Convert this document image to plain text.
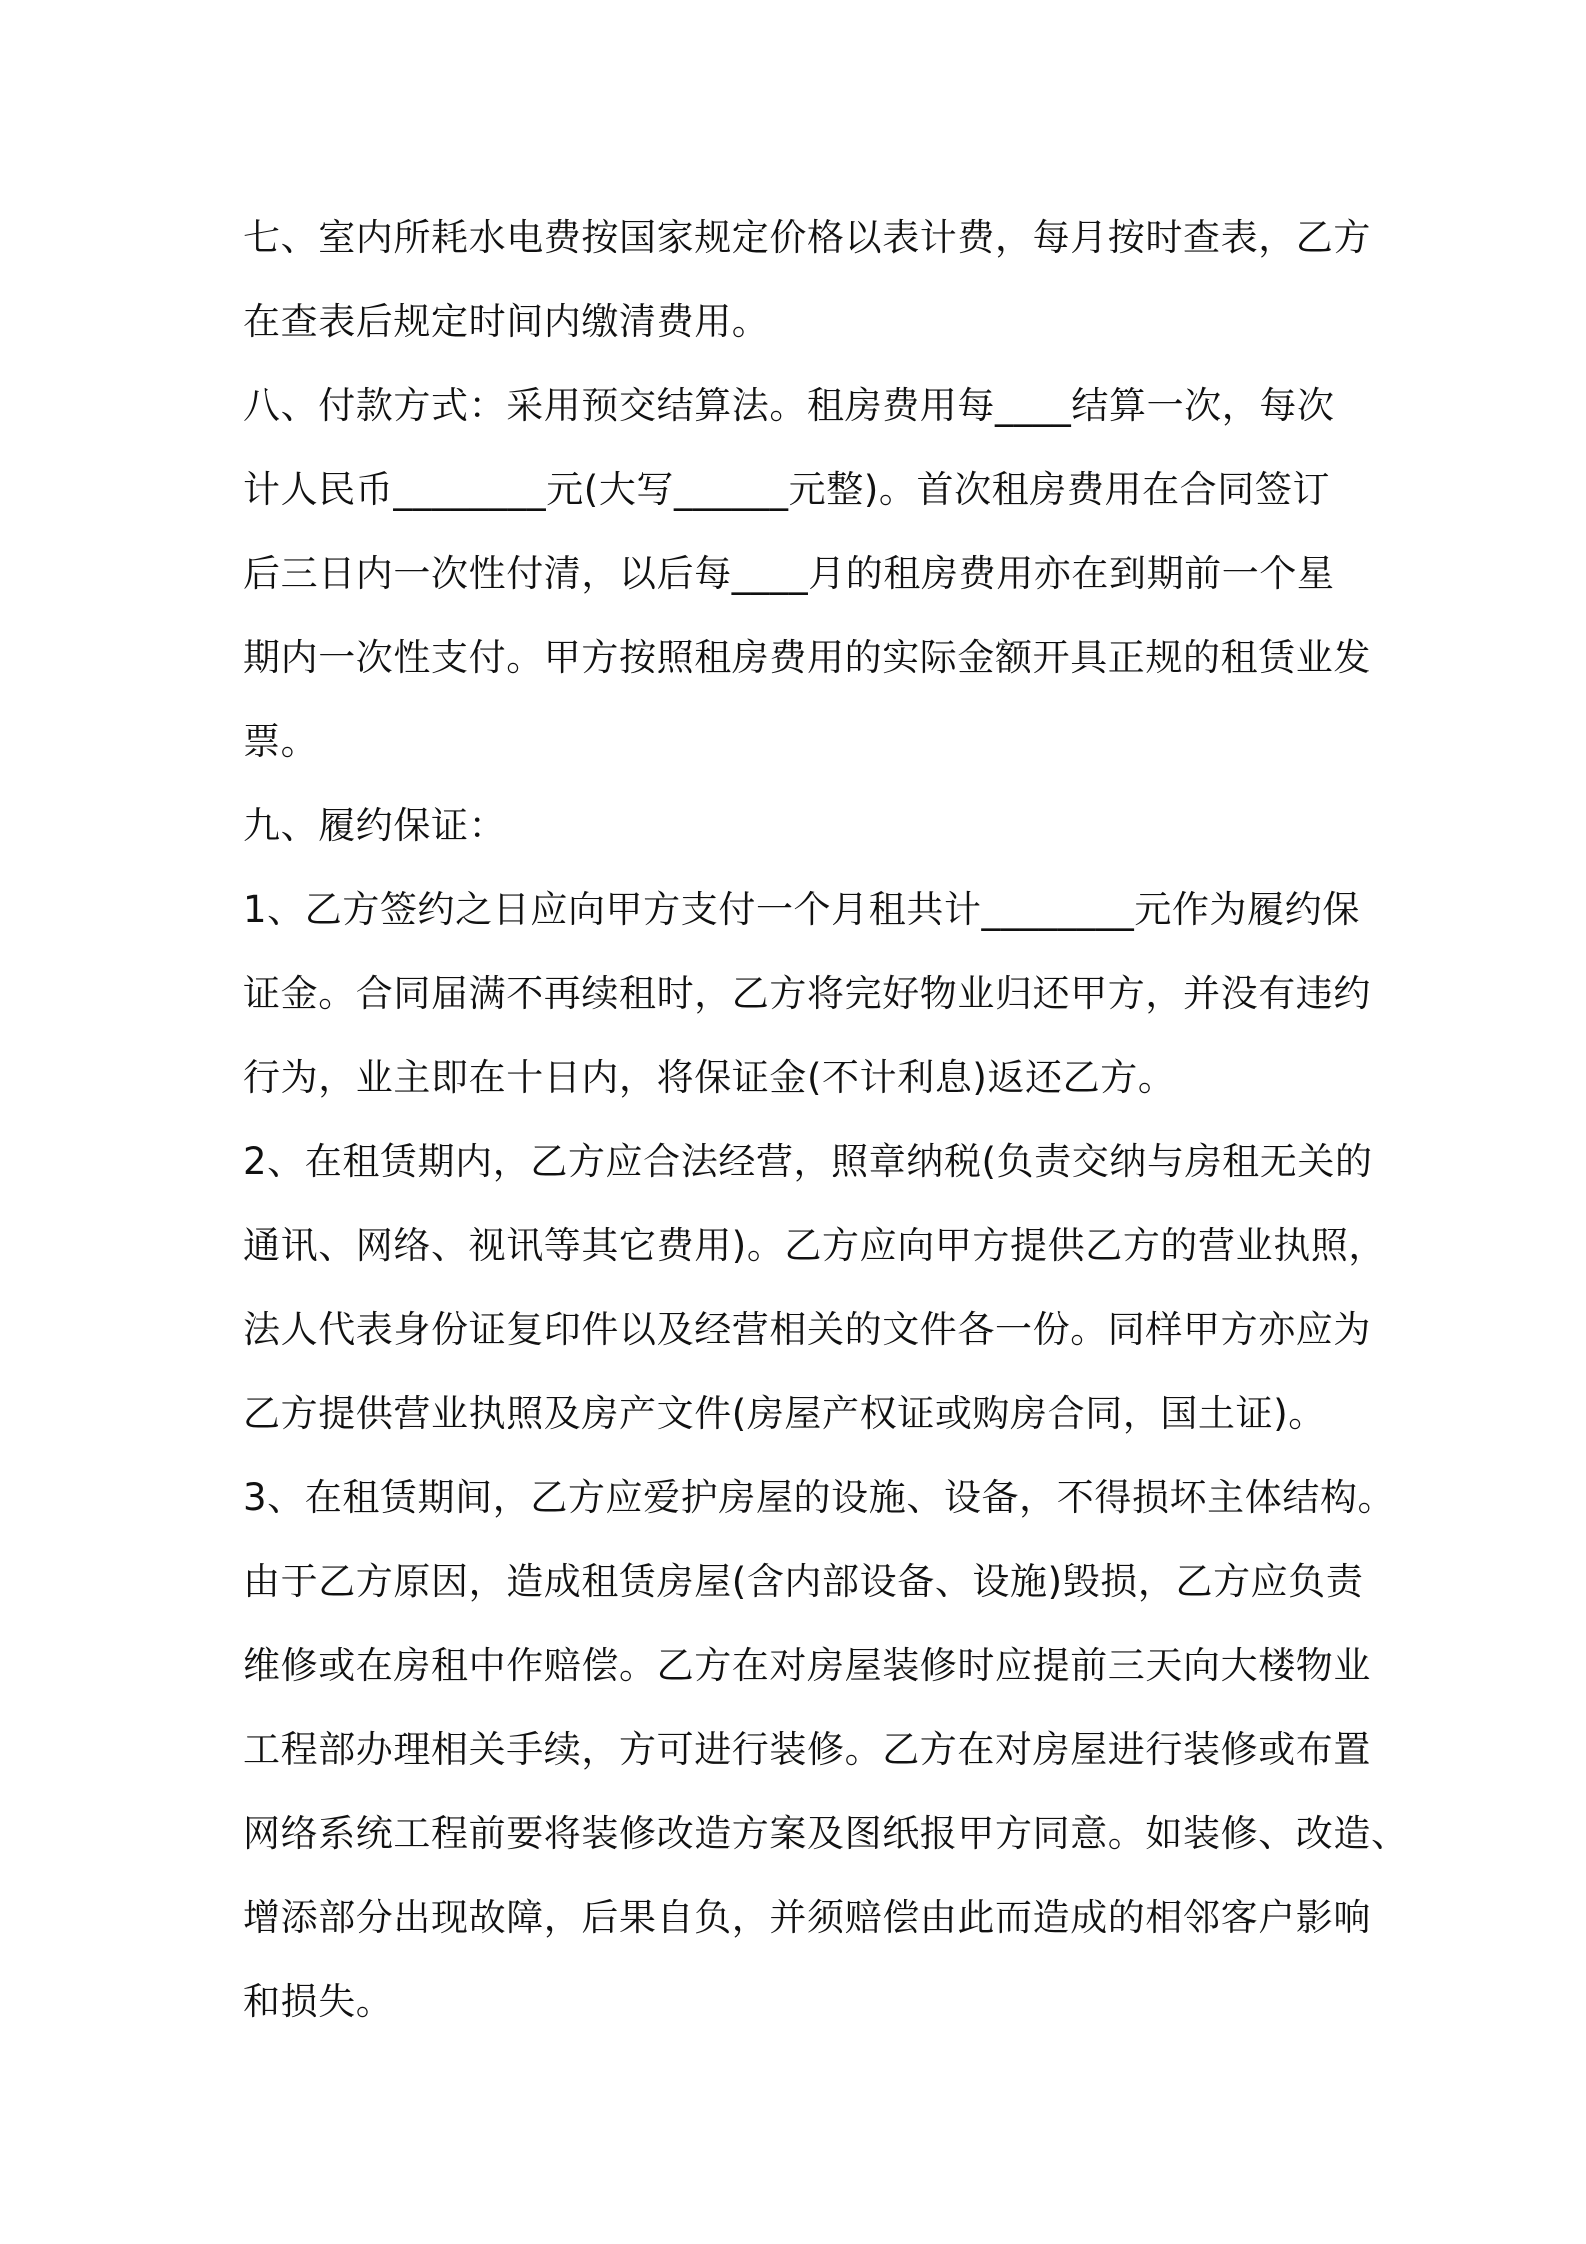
七、室内所耗水电费按国家规定价格以表计费，每月按时查表，乙方
在查表后规定时间内缴清费用。
八、付款方式：采用预交结算法。租房费用每____结算一次，每次
计人民币________元(大写______元整)。首次租房费用在合同签订
后三日内一次性付清，以后每____月的租房费用亦在到期前一个星
期内一次性支付。甲方按照租房费用的实际金额开具正规的租赁业发
票。
九、履约保证：
1、乙方签约之日应向甲方支付一个月租共计________元作为履约保
证金。合同届满不再续租时，乙方将完好物业归还甲方，并没有违约
行为，业主即在十日内，将保证金(不计利息)返还乙方。
2、在租赁期内，乙方应合法经营，照章纳税(负责交纳与房租无关的
通讯、网络、视讯等其它费用)。乙方应向甲方提供乙方的营业执照，
法人代表身份证复印件以及经营相关的文件各一份。同样甲方亦应为
乙方提供营业执照及房产文件(房屋产权证或购房合同，国土证)。
3、在租赁期间，乙方应爱护房屋的设施、设备，不得损坏主体结构。
由于乙方原因，造成租赁房屋(含内部设备、设施)毁损，乙方应负责
维修或在房租中作赔偿。乙方在对房屋装修时应提前三天向大楼物业
工程部办理相关手续，方可进行装修。乙方在对房屋进行装修或布置
网络系统工程前要将装修改造方案及图纸报甲方同意。如装修、改造、
增添部分出现故障，后果自负，并须赔偿由此而造成的相邻客户影响
和损失。
